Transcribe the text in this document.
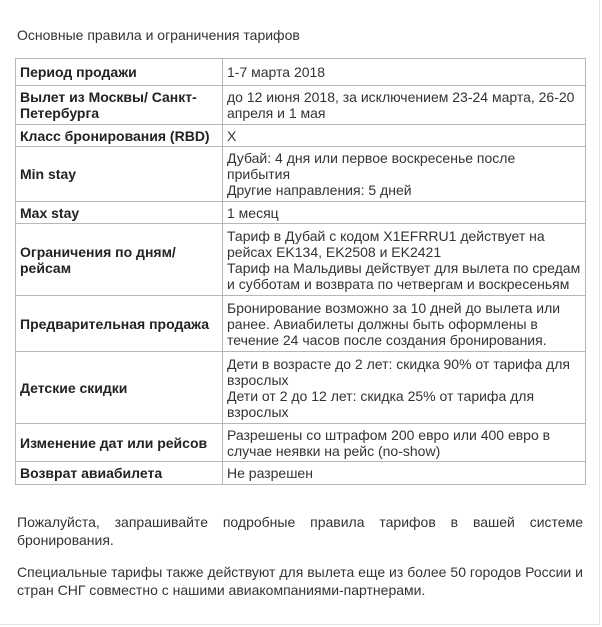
Основные правила и ограничения тарифов
Период продажи	1-7 марта 2018

Вылет из Москвы/ Санкт-Петербурга	до 12 июня 2018, за исключением 23-24 марта, 26-20 апреля и 1 мая

Класс бронирования (RBD)	X

Min stay	Дубай: 4 дня или первое воскресенье после прибытия
Другие направления: 5 дней

Max stay	1 месяц

Ограничения по дням/ рейсам	Тариф в Дубай с кодом X1EFRRU1 действует на рейсах EK134, EK2508 и EK2421
Тариф на Мальдивы действует для вылета по средам и субботам и возврата по четвергам и воскресеньям

Предварительная продажа	Бронирование возможно за 10 дней до вылета или ранее. Авиабилеты должны быть оформлены в течение 24 часов после создания бронирования.

Детские скидки	Дети в возрасте до 2 лет: скидка 90% от тарифа для взрослых
Дети от 2 до 12 лет: скидка 25% от тарифа для взрослых

Изменение дат или рейсов	Разрешены со штрафом 200 евро или 400 евро в случае неявки на рейс (no-show)

Возврат авиабилета	Не разрешен

Пожалуйста, запрашивайте подробные правила тарифов в вашей системе бронирования.

Специальные тарифы также действуют для вылета еще из более 50 городов России и стран СНГ совместно с нашими авиакомпаниями-партнерами.
